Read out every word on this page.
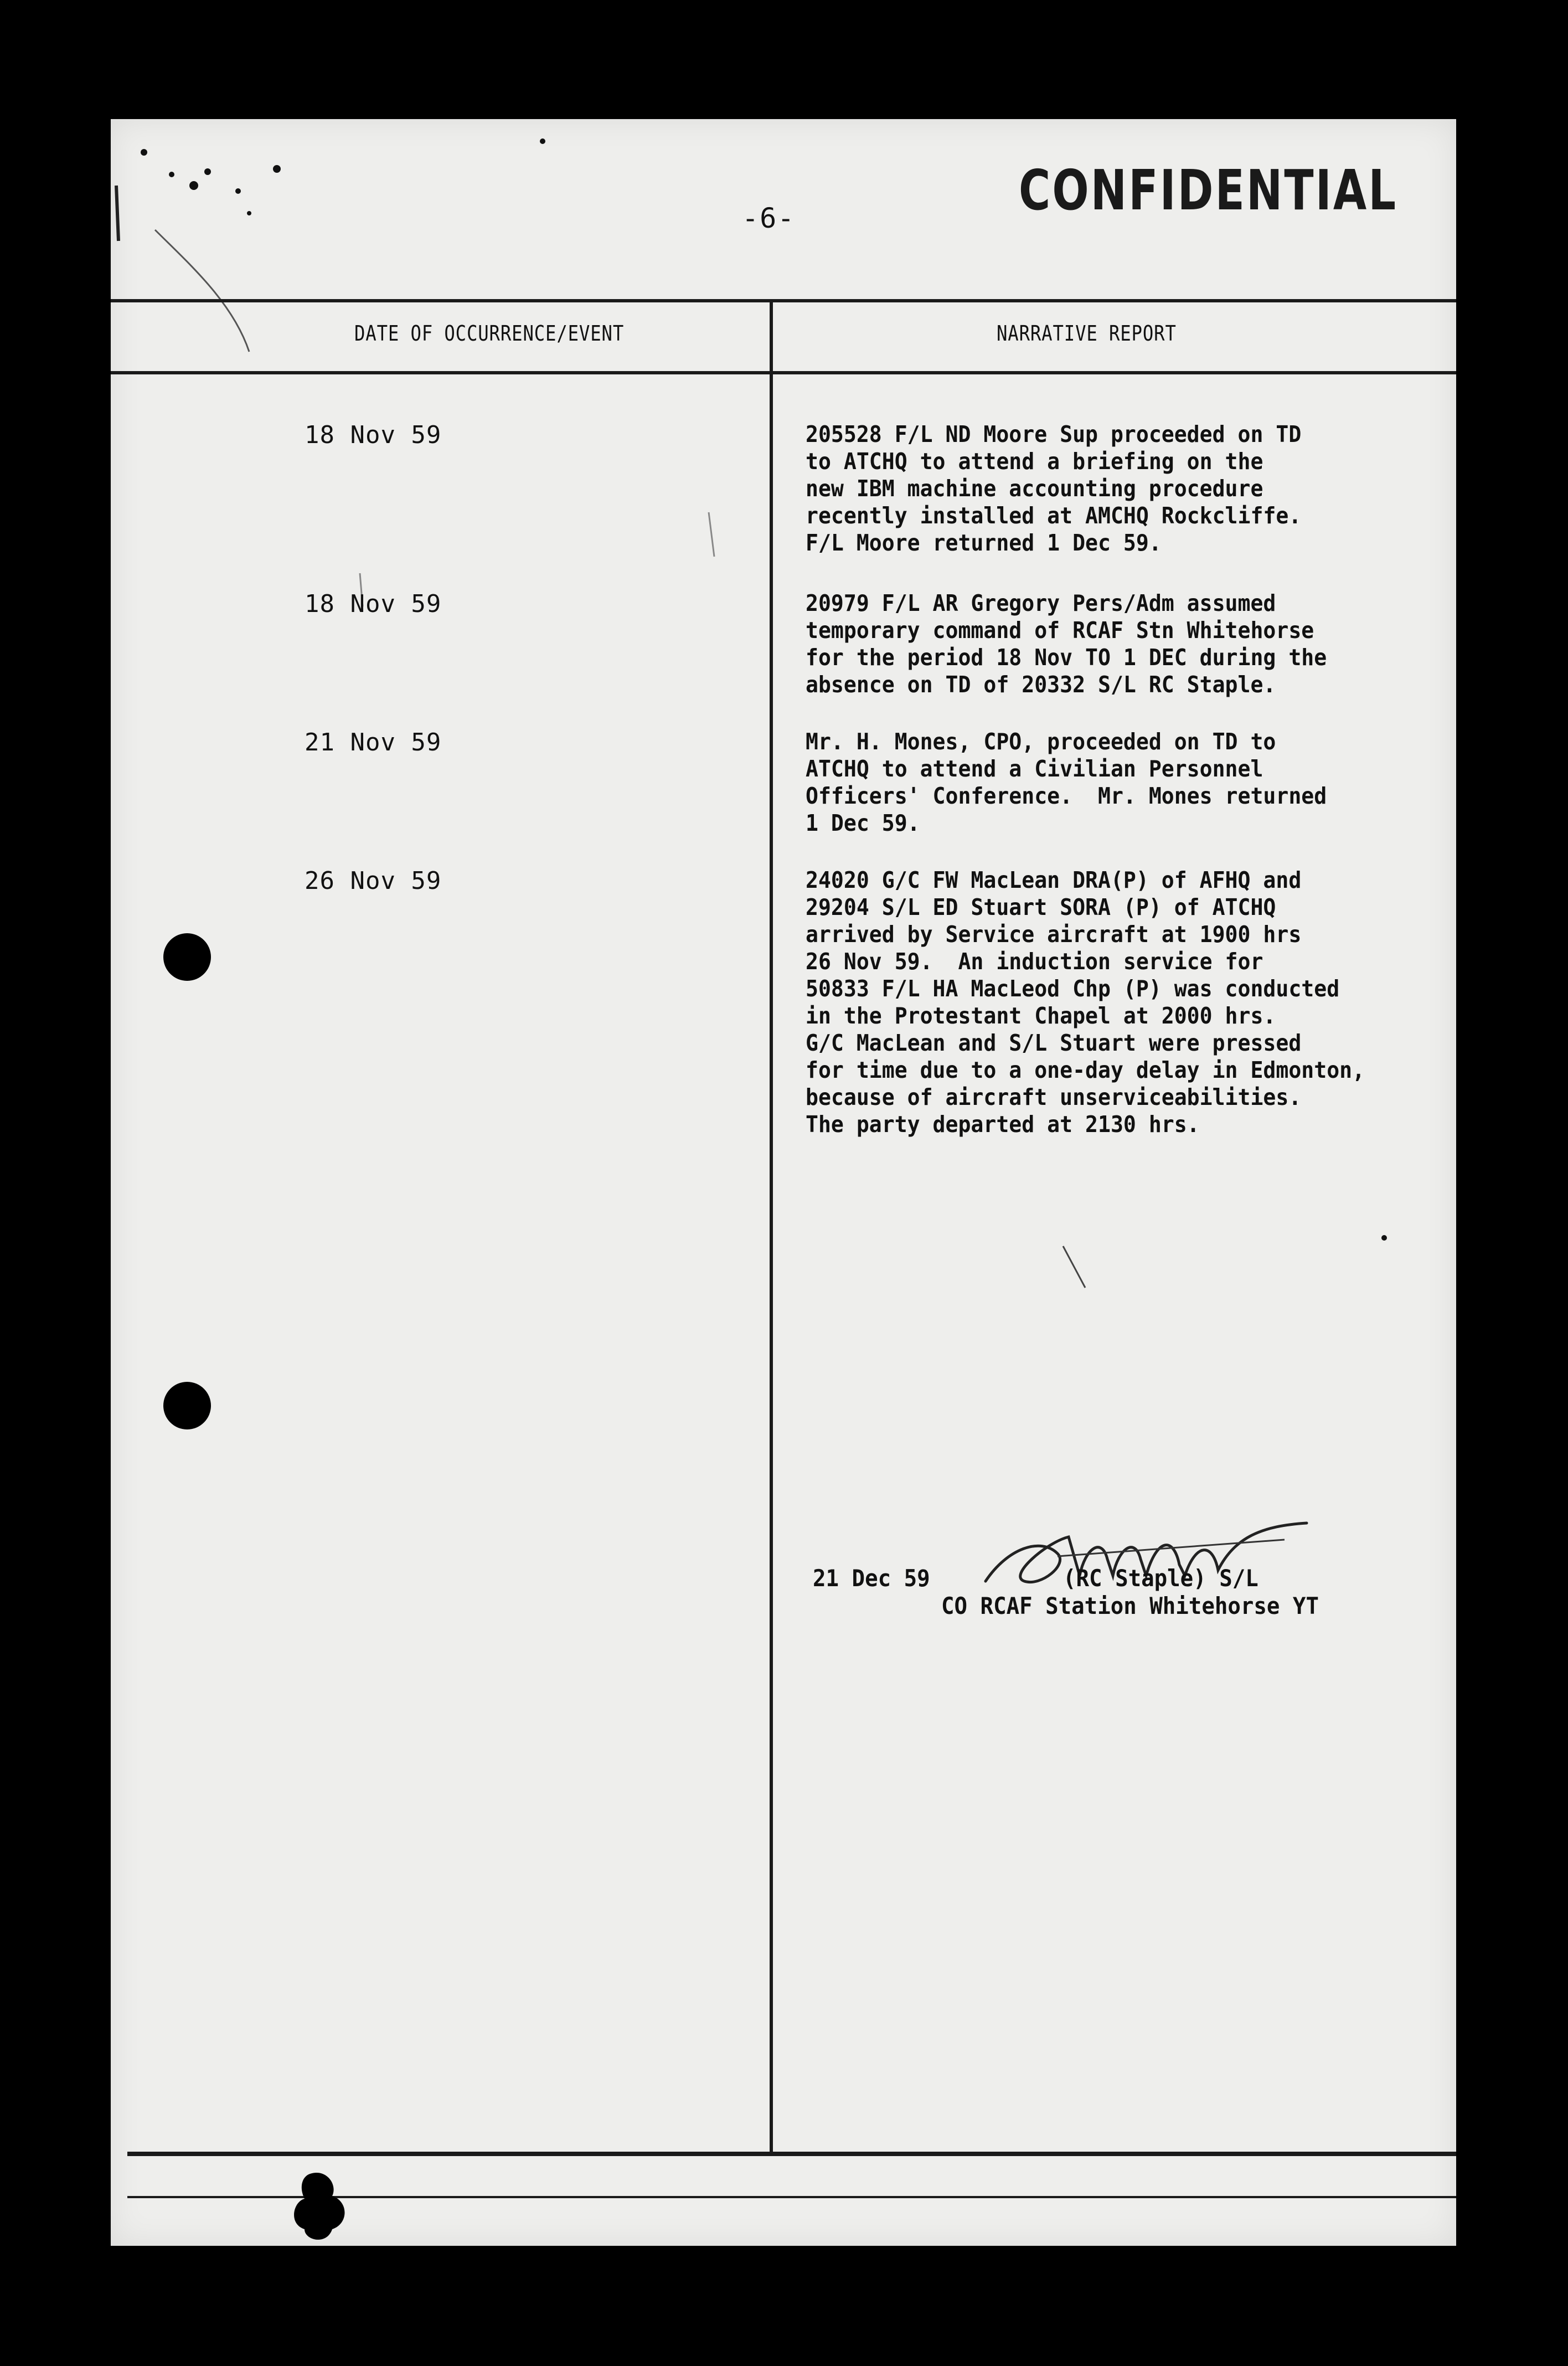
-6-	CONFIDENTIAL
DATE OF OCCURRENCE/EVENT	NARRATIVE REPORT
18 Nov 59	205528 F/L ND Moore Sup proceeded on TD
to ATCHQ to attend a briefing on the
new IBM machine accounting procedure
recently installed at AMCHQ Rockcliffe.
F/L Moore returned 1 Dec 59.
18 Nov 59	20979 F/L AR Gregory Pers/Adm assumed
temporary command of RCAF Stn Whitehorse
for the period 18 Nov TO 1 DEC during the
absence on TD of 20332 S/L RC Staple.
21 Nov 59	Mr. H. Mones, CPO, proceeded on TD to
ATCHQ to attend a Civilian Personnel
Officers' Conference.  Mr. Mones returned
1 Dec 59.
26 Nov 59	24020 G/C FW MacLean DRA(P) of AFHQ and
29204 S/L ED Stuart SORA (P) of ATCHQ
arrived by Service aircraft at 1900 hrs
26 Nov 59.  An induction service for
50833 F/L HA MacLeod Chp (P) was conducted
in the Protestant Chapel at 2000 hrs.
G/C MacLean and S/L Stuart were pressed
for time due to a one-day delay in Edmonton,
because of aircraft unserviceabilities.
The party departed at 2130 hrs.
21 Dec 59	(RC Staple) S/L
CO RCAF Station Whitehorse YT
